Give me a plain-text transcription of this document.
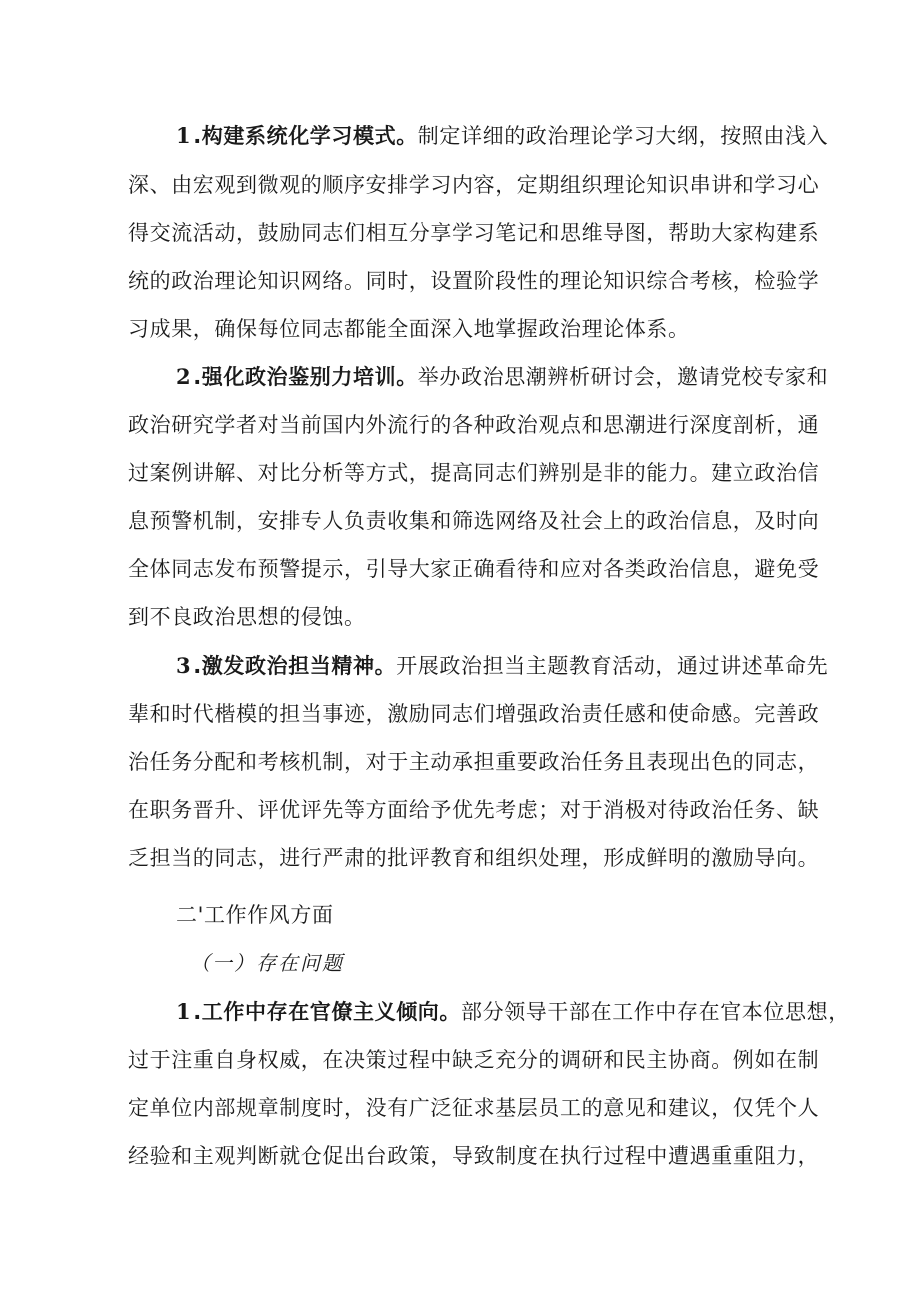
1.构建系统化学习模式。制定详细的政治理论学习大纲，按照由浅入
深、由宏观到微观的顺序安排学习内容，定期组织理论知识串讲和学习心
得交流活动，鼓励同志们相互分享学习笔记和思维导图，帮助大家构建系
统的政治理论知识网络。同时，设置阶段性的理论知识综合考核，检验学
习成果，确保每位同志都能全面深入地掌握政治理论体系。
2.强化政治鉴别力培训。举办政治思潮辨析研讨会，邀请党校专家和
政治研究学者对当前国内外流行的各种政治观点和思潮进行深度剖析，通
过案例讲解、对比分析等方式，提高同志们辨别是非的能力。建立政治信
息预警机制，安排专人负责收集和筛选网络及社会上的政治信息，及时向
全体同志发布预警提示，引导大家正确看待和应对各类政治信息，避免受
到不良政治思想的侵蚀。
3.激发政治担当精神。开展政治担当主题教育活动，通过讲述革命先
辈和时代楷模的担当事迹，激励同志们增强政治责任感和使命感。完善政
治任务分配和考核机制，对于主动承担重要政治任务且表现出色的同志，
在职务晋升、评优评先等方面给予优先考虑；对于消极对待政治任务、缺
乏担当的同志，进行严肃的批评教育和组织处理，形成鲜明的激励导向。
二'工作作风方面
（一）存在问题
1.工作中存在官僚主义倾向。部分领导干部在工作中存在官本位思想，
过于注重自身权威，在决策过程中缺乏充分的调研和民主协商。例如在制
定单位内部规章制度时，没有广泛征求基层员工的意见和建议，仅凭个人
经验和主观判断就仓促出台政策，导致制度在执行过程中遭遇重重阻力，
